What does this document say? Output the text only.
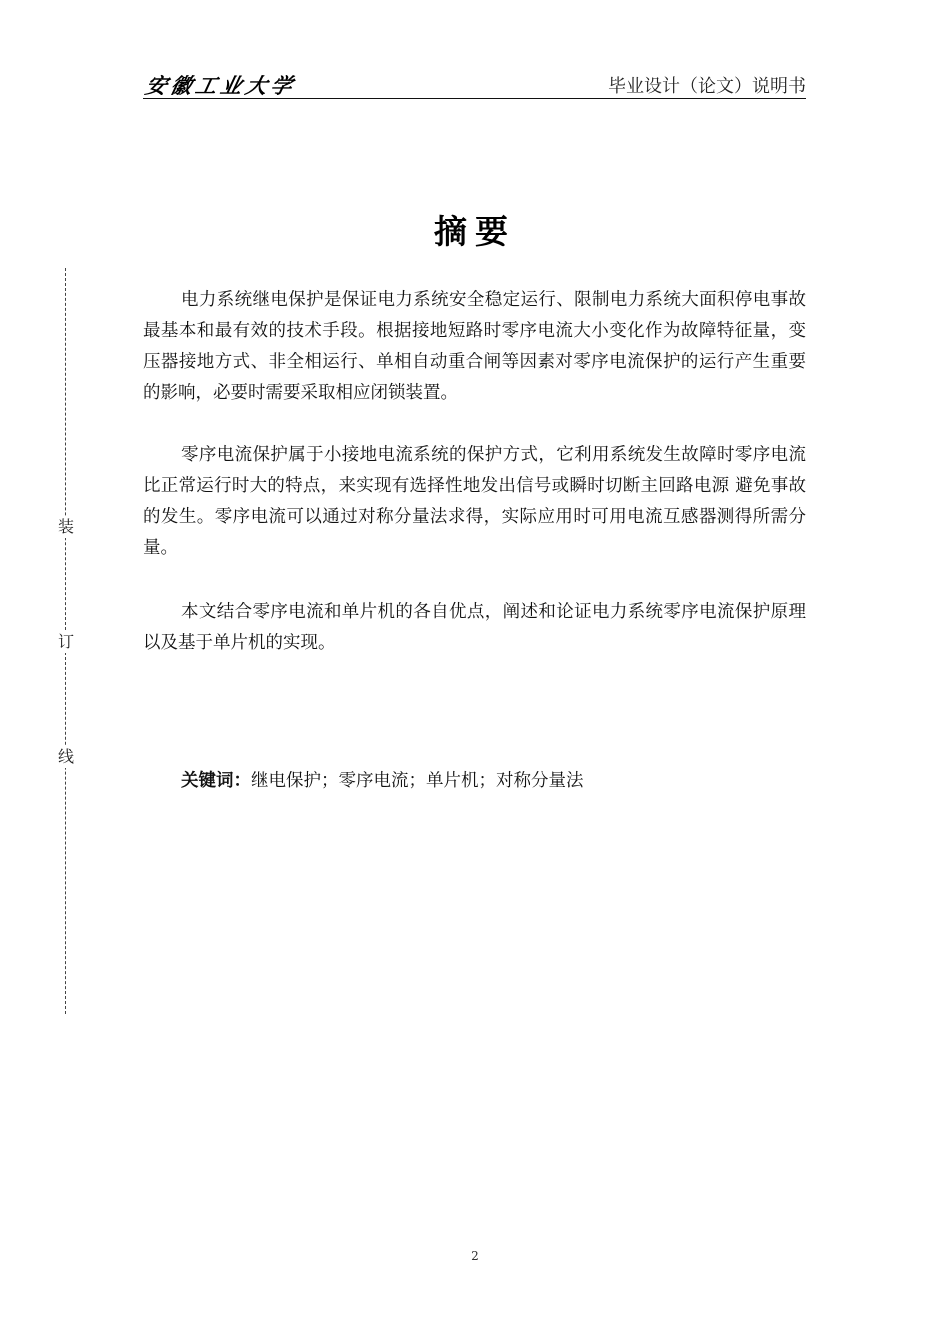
安徽工业大学	毕业设计（论文）说明书
装
订
线
摘要

电力系统继电保护是保证电力系统安全稳定运行、限制电力系统大面积停电事故最基本和最有效的技术手段。根据接地短路时零序电流大小变化作为故障特征量，变压器接地方式、非全相运行、单相自动重合闸等因素对零序电流保护的运行产生重要的影响，必要时需要采取相应闭锁装置。

零序电流保护属于小接地电流系统的保护方式，它利用系统发生故障时零序电流比正常运行时大的特点，来实现有选择性地发出信号或瞬时切断主回路电源 避免事故的发生。零序电流可以通过对称分量法求得，实际应用时可用电流互感器测得所需分量。

本文结合零序电流和单片机的各自优点，阐述和论证电力系统零序电流保护原理以及基于单片机的实现。

关键词：继电保护；零序电流；单片机；对称分量法
2
